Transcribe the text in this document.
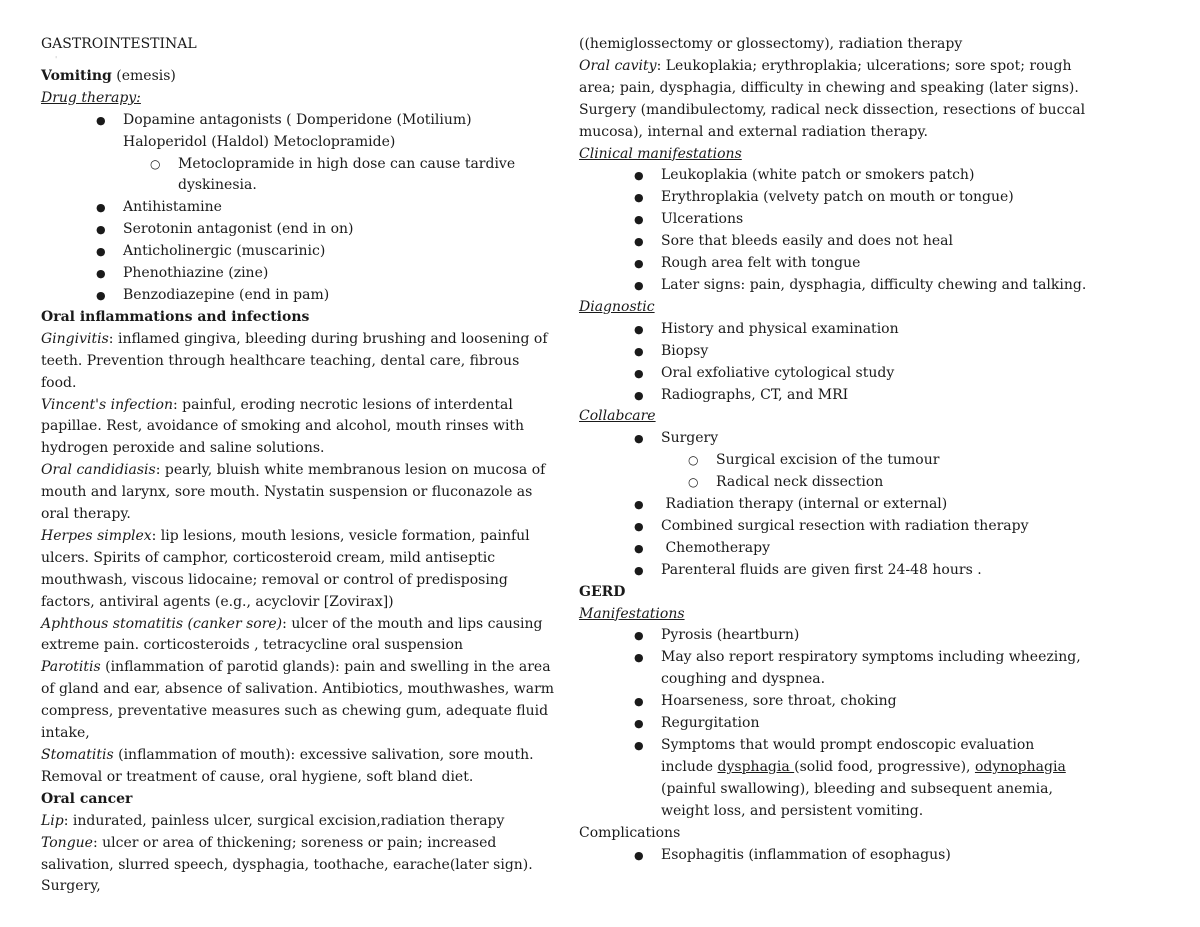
GASTROINTESTINAL

'

Vomiting (emesis)

Drug therapy:

● Dopamine antagonists ( Domperidone (Motilium) Haloperidol (Haldol) Metoclopramide)
○ Metoclopramide in high dose can cause tardive dyskinesia.
● Antihistamine
● Serotonin antagonist (end in on)
● Anticholinergic (muscarinic)
● Phenothiazine (zine)
● Benzodiazepine (end in pam)

Oral inflammations and infections

Gingivitis: inflamed gingiva, bleeding during brushing and loosening of teeth. Prevention through healthcare teaching, dental care, fibrous food.

Vincent's infection: painful, eroding necrotic lesions of interdental papillae. Rest, avoidance of smoking and alcohol, mouth rinses with hydrogen peroxide and saline solutions.

Oral candidiasis: pearly, bluish white membranous lesion on mucosa of mouth and larynx, sore mouth. Nystatin suspension or fluconazole as oral therapy.

Herpes simplex: lip lesions, mouth lesions, vesicle formation, painful ulcers. Spirits of camphor, corticosteroid cream, mild antiseptic mouthwash, viscous lidocaine; removal or control of predisposing factors, antiviral agents (e.g., acyclovir [Zovirax])

Aphthous stomatitis (canker sore): ulcer of the mouth and lips causing extreme pain. corticosteroids , tetracycline oral suspension

Parotitis (inflammation of parotid glands): pain and swelling in the area of gland and ear, absence of salivation. Antibiotics, mouthwashes, warm compress, preventative measures such as chewing gum, adequate fluid intake,

Stomatitis (inflammation of mouth): excessive salivation, sore mouth. Removal or treatment of cause, oral hygiene, soft bland diet.

Oral cancer

Lip: indurated, painless ulcer, surgical excision,radiation therapy

Tongue: ulcer or area of thickening; soreness or pain; increased salivation, slurred speech, dysphagia, toothache, earache(later sign). Surgery,

((hemiglossectomy or glossectomy), radiation therapy

Oral cavity: Leukoplakia; erythroplakia; ulcerations; sore spot; rough area; pain, dysphagia, difficulty in chewing and speaking (later signs). Surgery (mandibulectomy, radical neck dissection, resections of buccal mucosa), internal and external radiation therapy.

Clinical manifestations

● Leukoplakia (white patch or smokers patch)
● Erythroplakia (velvety patch on mouth or tongue)
● Ulcerations
● Sore that bleeds easily and does not heal
● Rough area felt with tongue
● Later signs: pain, dysphagia, difficulty chewing and talking.

Diagnostic

● History and physical examination
● Biopsy
● Oral exfoliative cytological study
● Radiographs, CT, and MRI

Collabcare

● Surgery
○ Surgical excision of the tumour
○ Radical neck dissection
●  Radiation therapy (internal or external)
● Combined surgical resection with radiation therapy
●  Chemotherapy
● Parenteral fluids are given first 24-48 hours .

GERD

Manifestations

● Pyrosis (heartburn)
● May also report respiratory symptoms including wheezing, coughing and dyspnea.
● Hoarseness, sore throat, choking
● Regurgitation
● Symptoms that would prompt endoscopic evaluation include dysphagia (solid food, progressive), odynophagia (painful swallowing), bleeding and subsequent anemia, weight loss, and persistent vomiting.

Complications

● Esophagitis (inflammation of esophagus)
